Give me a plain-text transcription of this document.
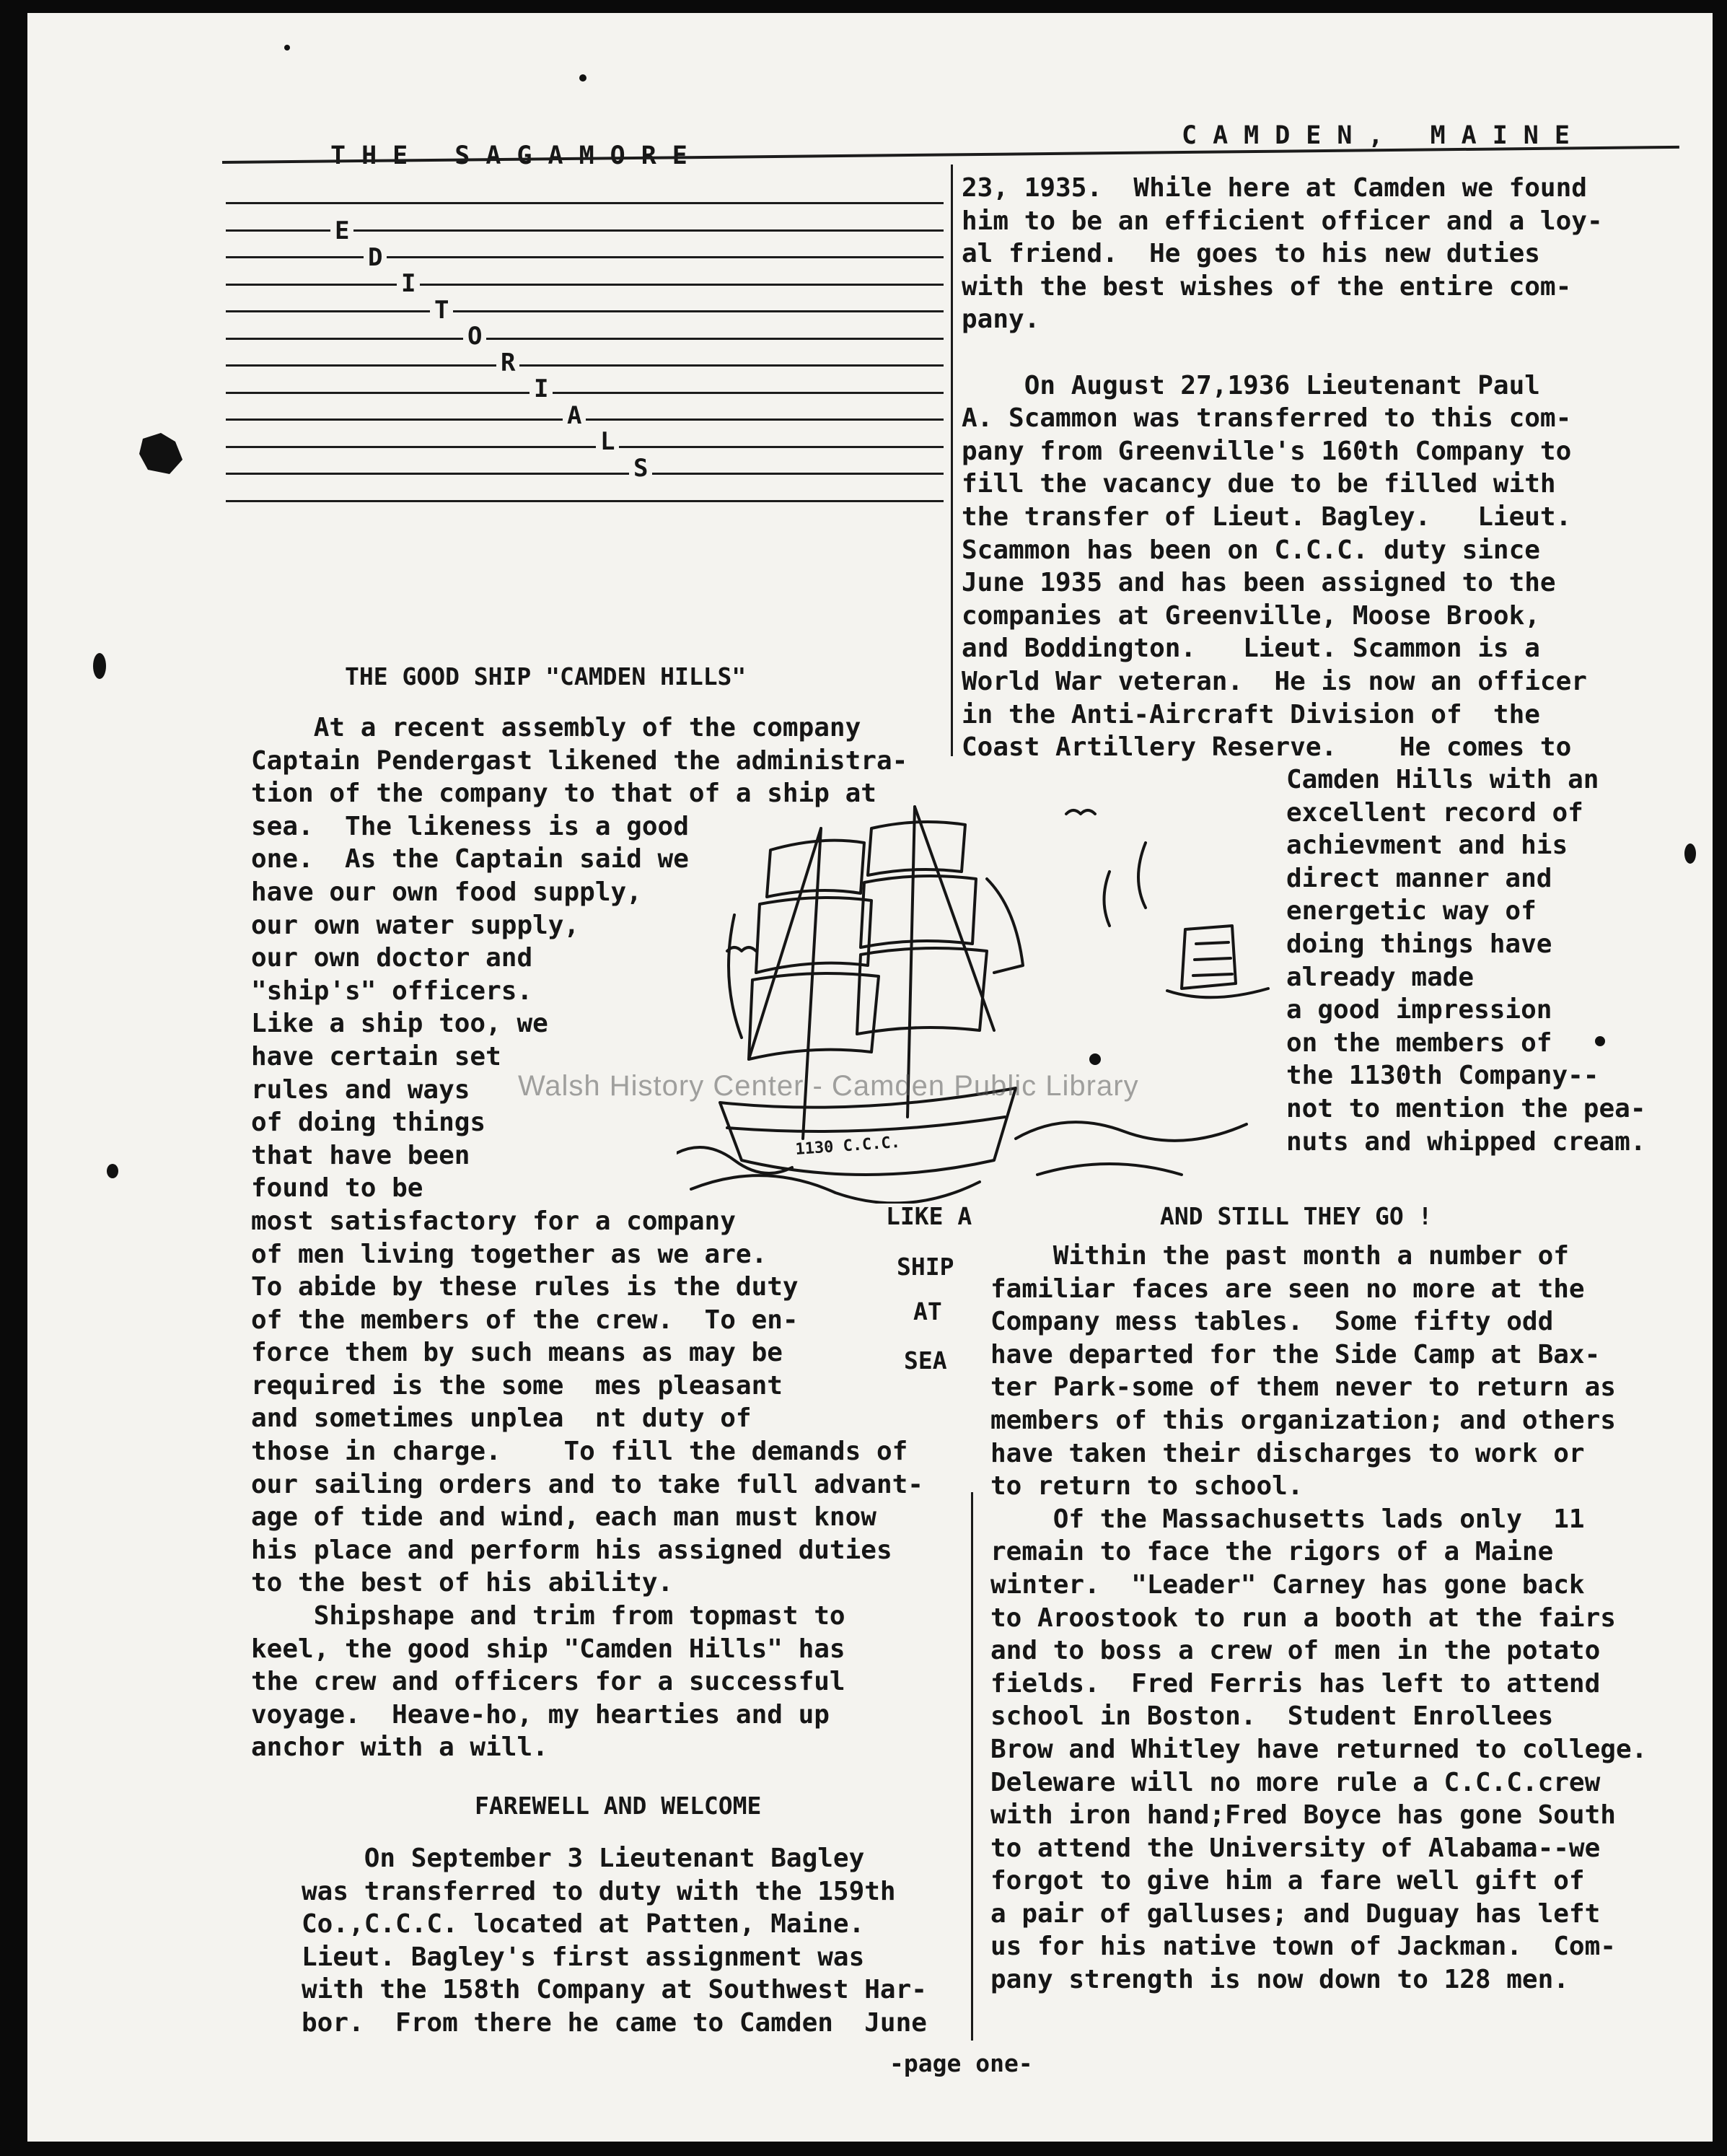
THE SAGAMORE
CAMDEN, MAINE
THE GOOD SHIP "CAMDEN HILLS"
At a recent assembly of the company
Captain Pendergast likened the administra-
tion of the company to that of a ship at
sea.  The likeness is a good
one.  As the Captain said we
have our own food supply,
our own water supply,
our own doctor and
"ship's" officers.
Like a ship too, we
have certain set
rules and ways
of doing things
that have been
found to be
most satisfactory for a company
of men living together as we are.
To abide by these rules is the duty
of the members of the crew.  To en-
force them by such means as may be
required is the some  mes pleasant
and sometimes unplea  nt duty of
those in charge.    To fill the demands of
our sailing orders and to take full advant-
age of tide and wind, each man must know
his place and perform his assigned duties
to the best of his ability.
Shipshape and trim from topmast to
keel, the good ship "Camden Hills" has
the crew and officers for a successful
voyage.  Heave-ho, my hearties and up
anchor with a will.
FAREWELL AND WELCOME
On September 3 Lieutenant Bagley
was transferred to duty with the 159th
Co.,C.C.C. located at Patten, Maine.
Lieut. Bagley's first assignment was
with the 158th Company at Southwest Har-
bor.  From there he came to Camden  June
23, 1935.  While here at Camden we found
him to be an efficient officer and a loy-
al friend.  He goes to his new duties
with the best wishes of the entire com-
pany.
On August 27,1936 Lieutenant Paul
A. Scammon was transferred to this com-
pany from Greenville's 160th Company to
fill the vacancy due to be filled with
the transfer of Lieut. Bagley.   Lieut.
Scammon has been on C.C.C. duty since
June 1935 and has been assigned to the
companies at Greenville, Moose Brook,
and Boddington.   Lieut. Scammon is a
World War veteran.  He is now an officer
in the Anti-Aircraft Division of  the
Coast Artillery Reserve.    He comes to
Camden Hills with an
excellent record of
achievment and his
direct manner and
energetic way of
doing things have
already made
a good impression
on the members of
the 1130th Company--
not to mention the pea-
nuts and whipped cream.
AND STILL THEY GO !
Within the past month a number of
familiar faces are seen no more at the
Company mess tables.  Some fifty odd
have departed for the Side Camp at Bax-
ter Park-some of them never to return as
members of this organization; and others
have taken their discharges to work or
to return to school.
Of the Massachusetts lads only  11
remain to face the rigors of a Maine
winter.  "Leader" Carney has gone back
to Aroostook to run a booth at the fairs
and to boss a crew of men in the potato
fields.  Fred Ferris has left to attend
school in Boston.  Student Enrollees
Brow and Whitley have returned to college.
Deleware will no more rule a C.C.C.crew
with iron hand;Fred Boyce has gone South
to attend the University of Alabama--we
forgot to give him a fare well gift of
a pair of galluses; and Duguay has left
us for his native town of Jackman.  Com-
pany strength is now down to 128 men.
1130 C.C.C.
LIKE A
SHIP
AT
SEA
-page one-
Walsh History Center - Camden Public Library
E
D
I
T
O
R
I
A
L
S
